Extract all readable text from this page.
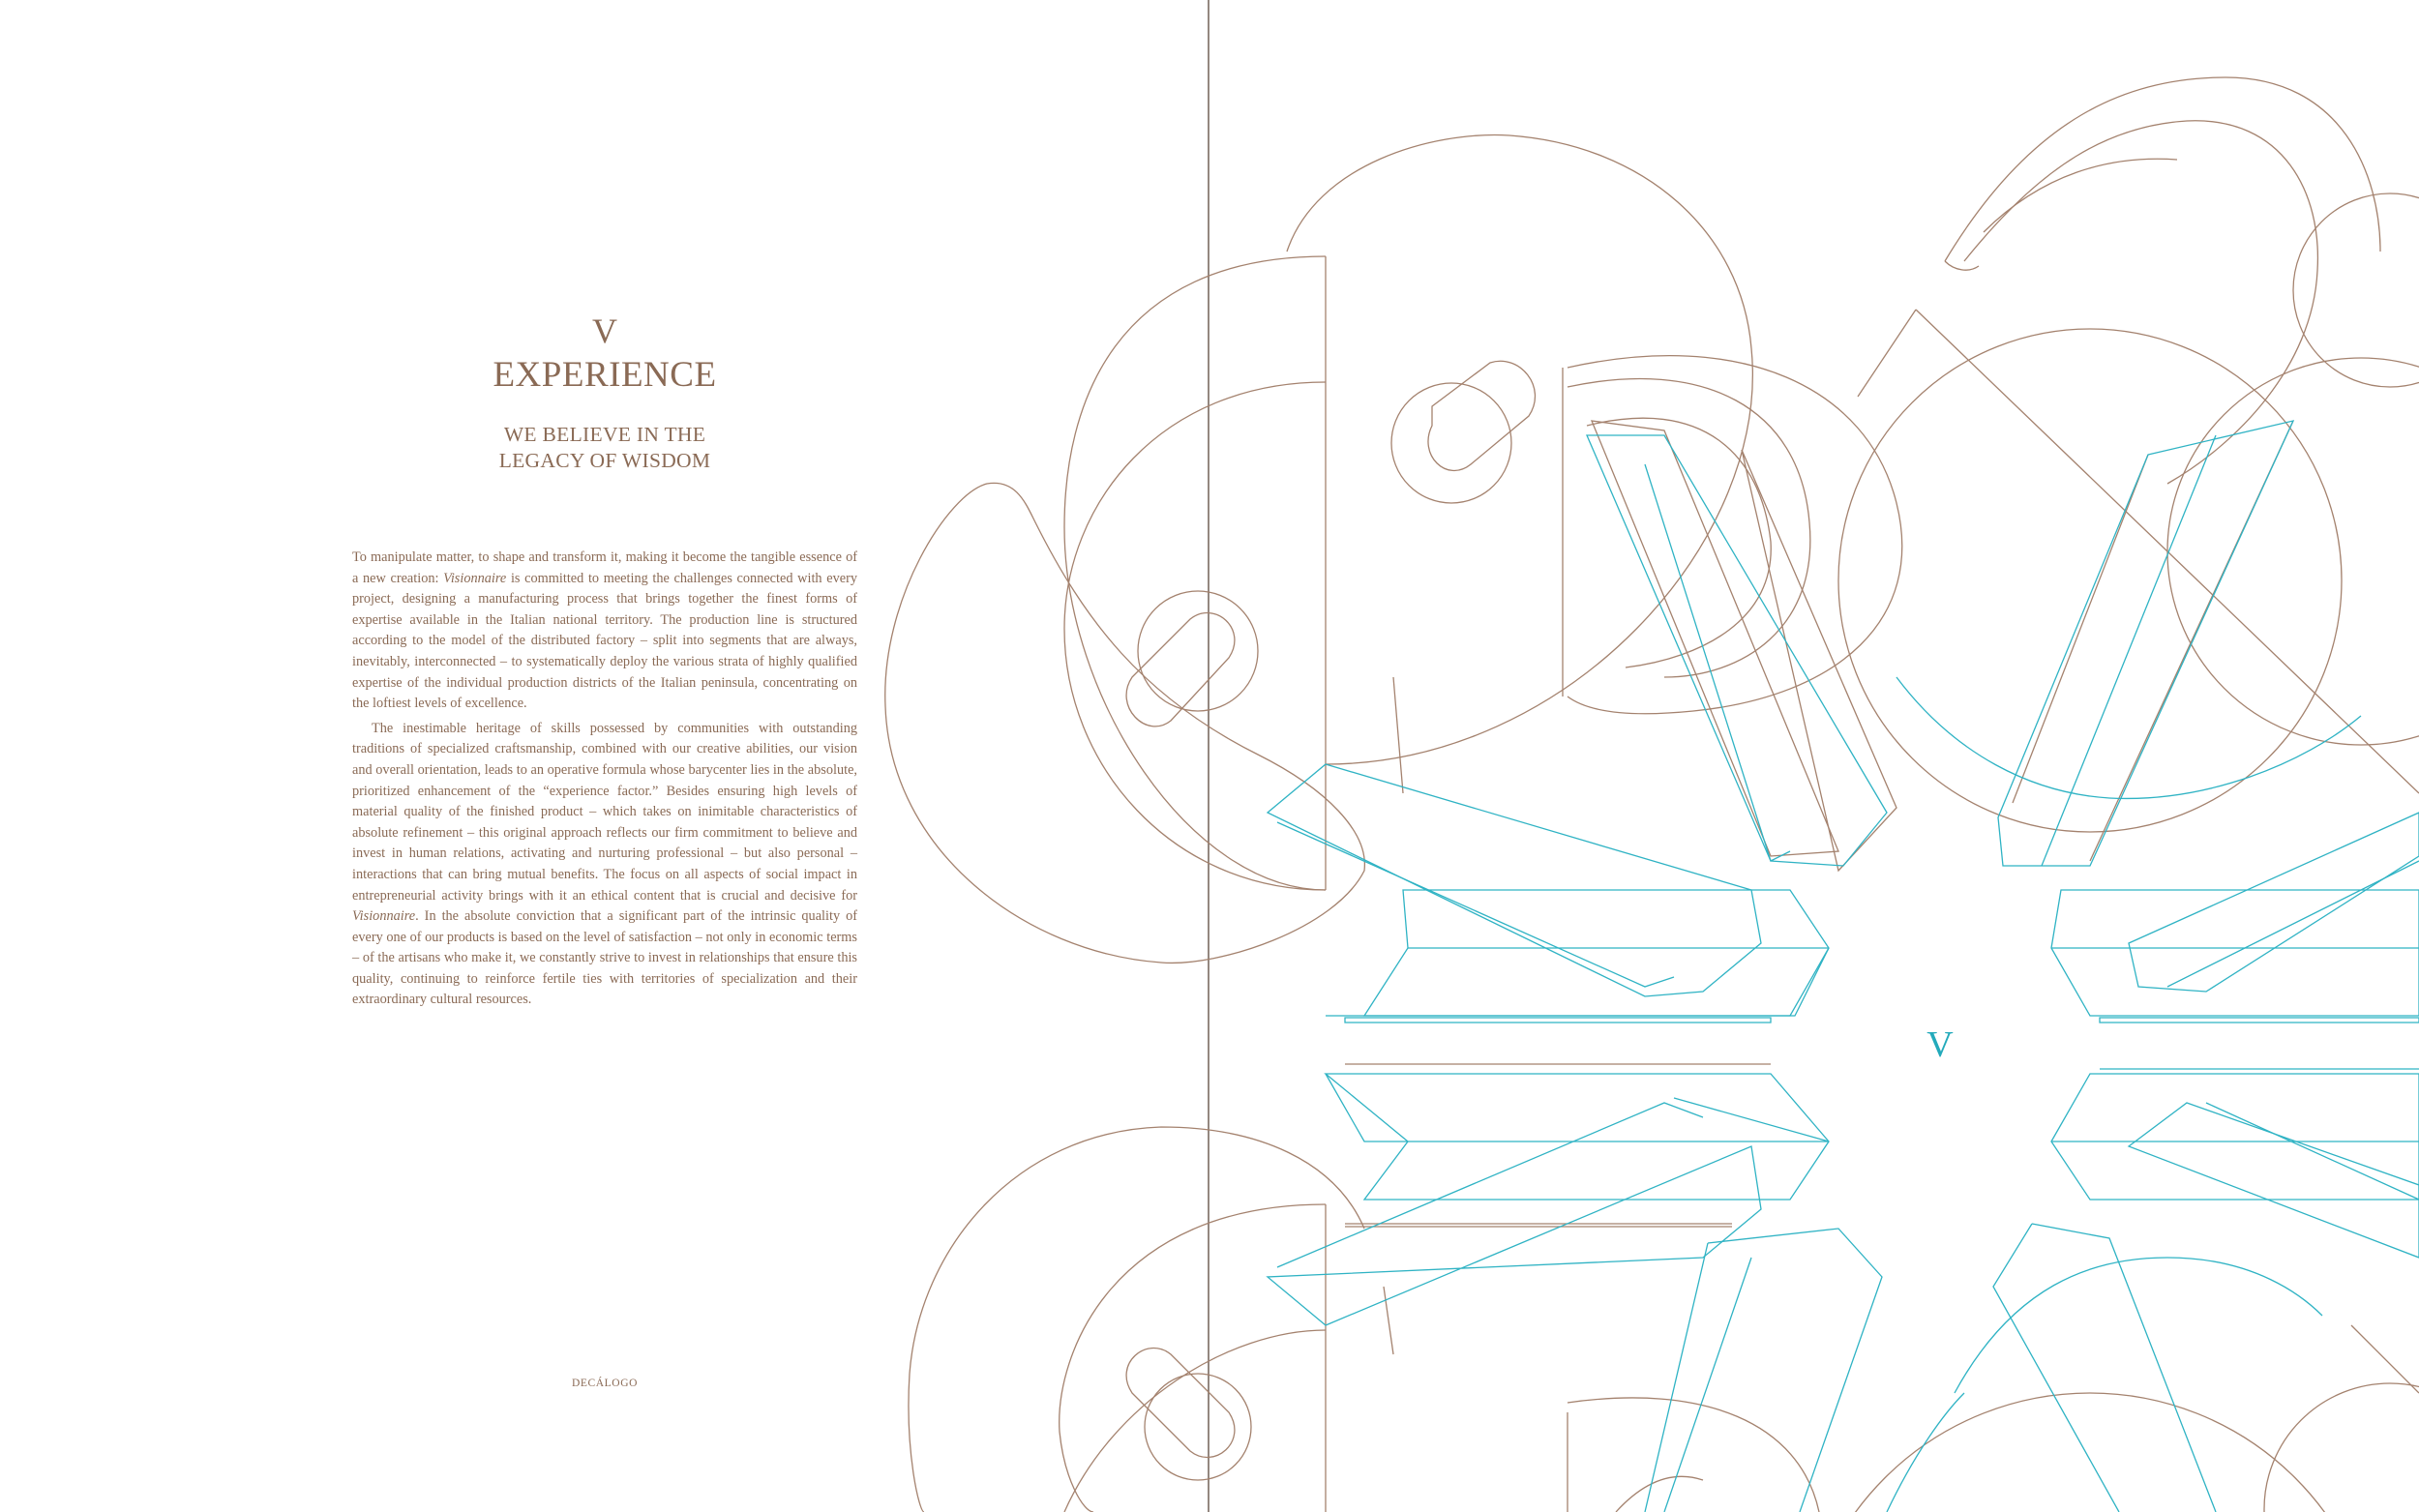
V
EXPERIENCE
WE BELIEVE IN THE
LEGACY OF WISDOM

To manipulate matter, to shape and transform it, making it become the tangible essence of a new creation: Visionnaire is committed to meeting the challenges connected with every project, designing a manufacturing process that brings together the finest forms of expertise available in the Italian national territory. The production line is structured according to the model of the distributed factory – split into segments that are always, inevitably, interconnected – to systematically deploy the various strata of highly qualified expertise of the individual production districts of the Italian peninsula, concentrating on the loftiest levels of excellence.

The inestimable heritage of skills possessed by communities with outstanding traditions of specialized craftsmanship, combined with our creative abilities, our vision and overall orientation, leads to an operative formula whose barycenter lies in the absolute, prioritized enhancement of the “experience factor.” Besides ensuring high levels of material quality of the finished product – which takes on inimitable characteristics of absolute refinement – this original approach reflects our firm commitment to believe and invest in human relations, activating and nurturing professional – but also personal – interactions that can bring mutual benefits. The focus on all aspects of social impact in entrepreneurial activity brings with it an ethical content that is crucial and decisive for Visionnaire. In the absolute conviction that a significant part of the intrinsic quality of every one of our products is based on the level of satisfaction – not only in economic terms – of the artisans who make it, we constantly strive to invest in relationships that ensure this quality, continuing to reinforce fertile ties with territories of specialization and their extraordinary cultural resources.

DECÁLOGO
V
